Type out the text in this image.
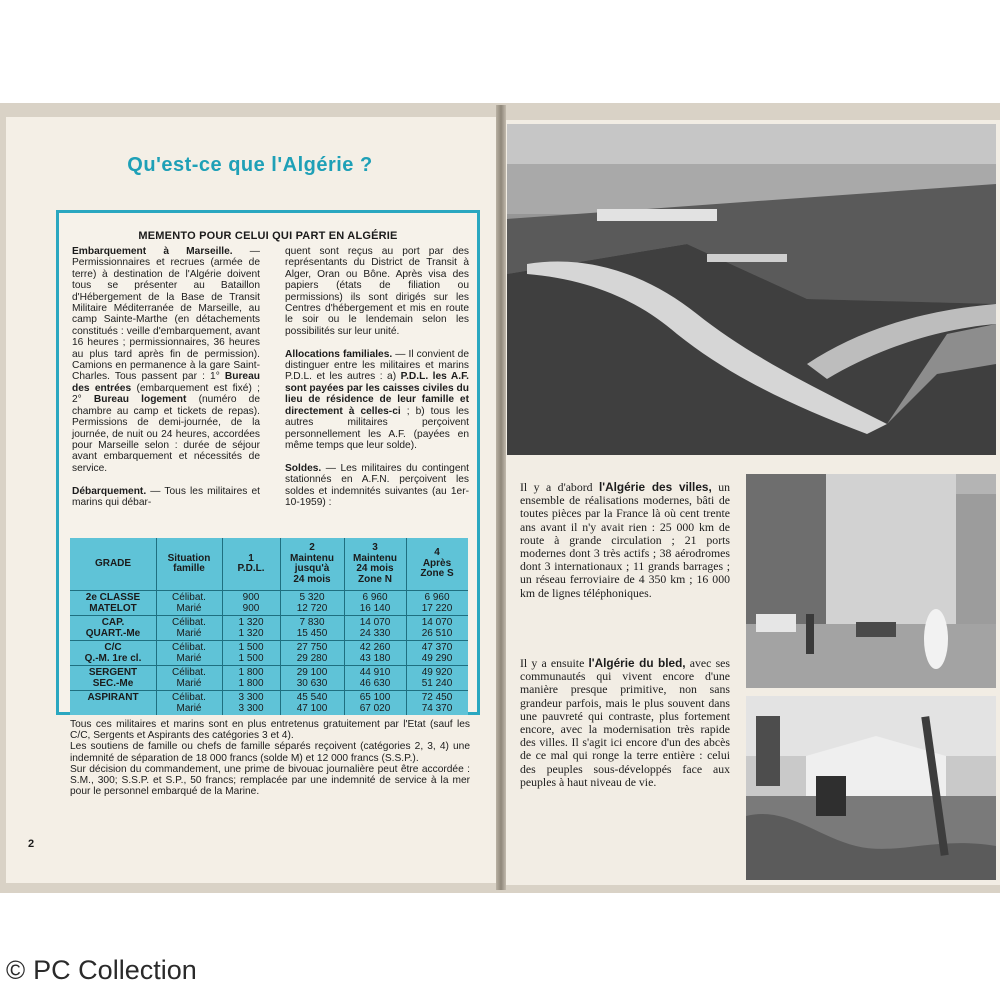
Qu'est-ce que l'Algérie ?
MEMENTO POUR CELUI QUI PART EN ALGÉRIE
Embarquement à Marseille. — Permissionnaires et recrues (armée de terre) à destination de l'Algérie doivent tous se présenter au Bataillon d'Hébergement de la Base de Transit Militaire Méditerranée de Marseille, au camp Sainte-Marthe (en détachements constitués : veille d'embarquement, avant 16 heures ; permissionnaires, 36 heures au plus tard après fin de permission). Camions en permanence à la gare Saint-Charles. Tous passent par : 1° Bureau des entrées (embarquement est fixé) ; 2° Bureau logement (numéro de chambre au camp et tickets de repas). Permissions de demi-journée, de la journée, de nuit ou 24 heures, accordées pour Marseille selon : durée de séjour avant embarquement et nécessités de service.

Débarquement. — Tous les militaires et marins qui débar-
quent sont reçus au port par des représentants du District de Transit à Alger, Oran ou Bône. Après visa des papiers (états de filiation ou permissions) ils sont dirigés sur les Centres d'hébergement et mis en route le soir ou le lendemain selon les possibilités sur leur unité.

Allocations familiales. — Il convient de distinguer entre les militaires et marins P.D.L. et les autres : a) P.D.L. les A.F. sont payées par les caisses civiles du lieu de résidence de leur famille et directement à celles-ci ; b) tous les autres militaires perçoivent personnellement les A.F. (payées en même temps que leur solde).

Soldes. — Les militaires du contingent stationnés en A.F.N. perçoivent les soldes et indemnités suivantes (au 1er-10-1959) :
GRADE	Situation
famille
1
P.D.L.
2
Maintenu
jusqu'à
24 mois
3
Maintenu
24 mois
Zone N
4
Après
Zone S
2e CLASSE
MATELOT
Célibat.
Marié
900
900
5 320
12 720
6 960
16 140
6 960
17 220
CAP.
QUART.-Me
Célibat.
Marié
1 320
1 320
7 830
15 450
14 070
24 330
14 070
26 510
C/C
Q.-M. 1re cl.
Célibat.
Marié
1 500
1 500
27 750
29 280
42 260
43 180
47 370
49 290
SERGENT
SEC.-Me
Célibat.
Marié
1 800
1 800
29 100
30 630
44 910
46 630
49 920
51 240
ASPIRANT	Célibat.
Marié
3 300
3 300
45 540
47 100
65 100
67 020
72 450
74 370
Tous ces militaires et marins sont en plus entretenus gratuitement par l'Etat (sauf les C/C, Sergents et Aspirants des catégories 3 et 4).
Les soutiens de famille ou chefs de famille séparés reçoivent (catégories 2, 3, 4) une indemnité de séparation de 18 000 francs (solde M) et 12 000 francs (S.S.P.).
Sur décision du commandement, une prime de bivouac journalière peut être accordée : S.M., 300; S.S.P. et S.P., 50 francs; remplacée par une indemnité de service à la mer pour le personnel embarqué de la Marine.
2
Il y a d'abord l'Algérie des villes, un ensemble de réalisations modernes, bâti de toutes pièces par la France là où cent trente ans avant il n'y avait rien : 25 000 km de route à grande circulation ; 21 ports modernes dont 3 très actifs ; 38 aérodromes dont 3 internationaux ; 11 grands barrages ; un réseau ferroviaire de 4 350 km ; 16 000 km de lignes téléphoniques.
Il y a ensuite l'Algérie du bled, avec ses communautés qui vivent encore d'une manière presque primitive, non sans grandeur parfois, mais le plus souvent dans une pauvreté qui contraste, plus fortement encore, avec la modernisation très rapide des villes. Il s'agit ici encore d'un des abcès de ce mal qui ronge la terre entière : celui des peuples sous-développés face aux peuples à haut niveau de vie.
© PC Collection
